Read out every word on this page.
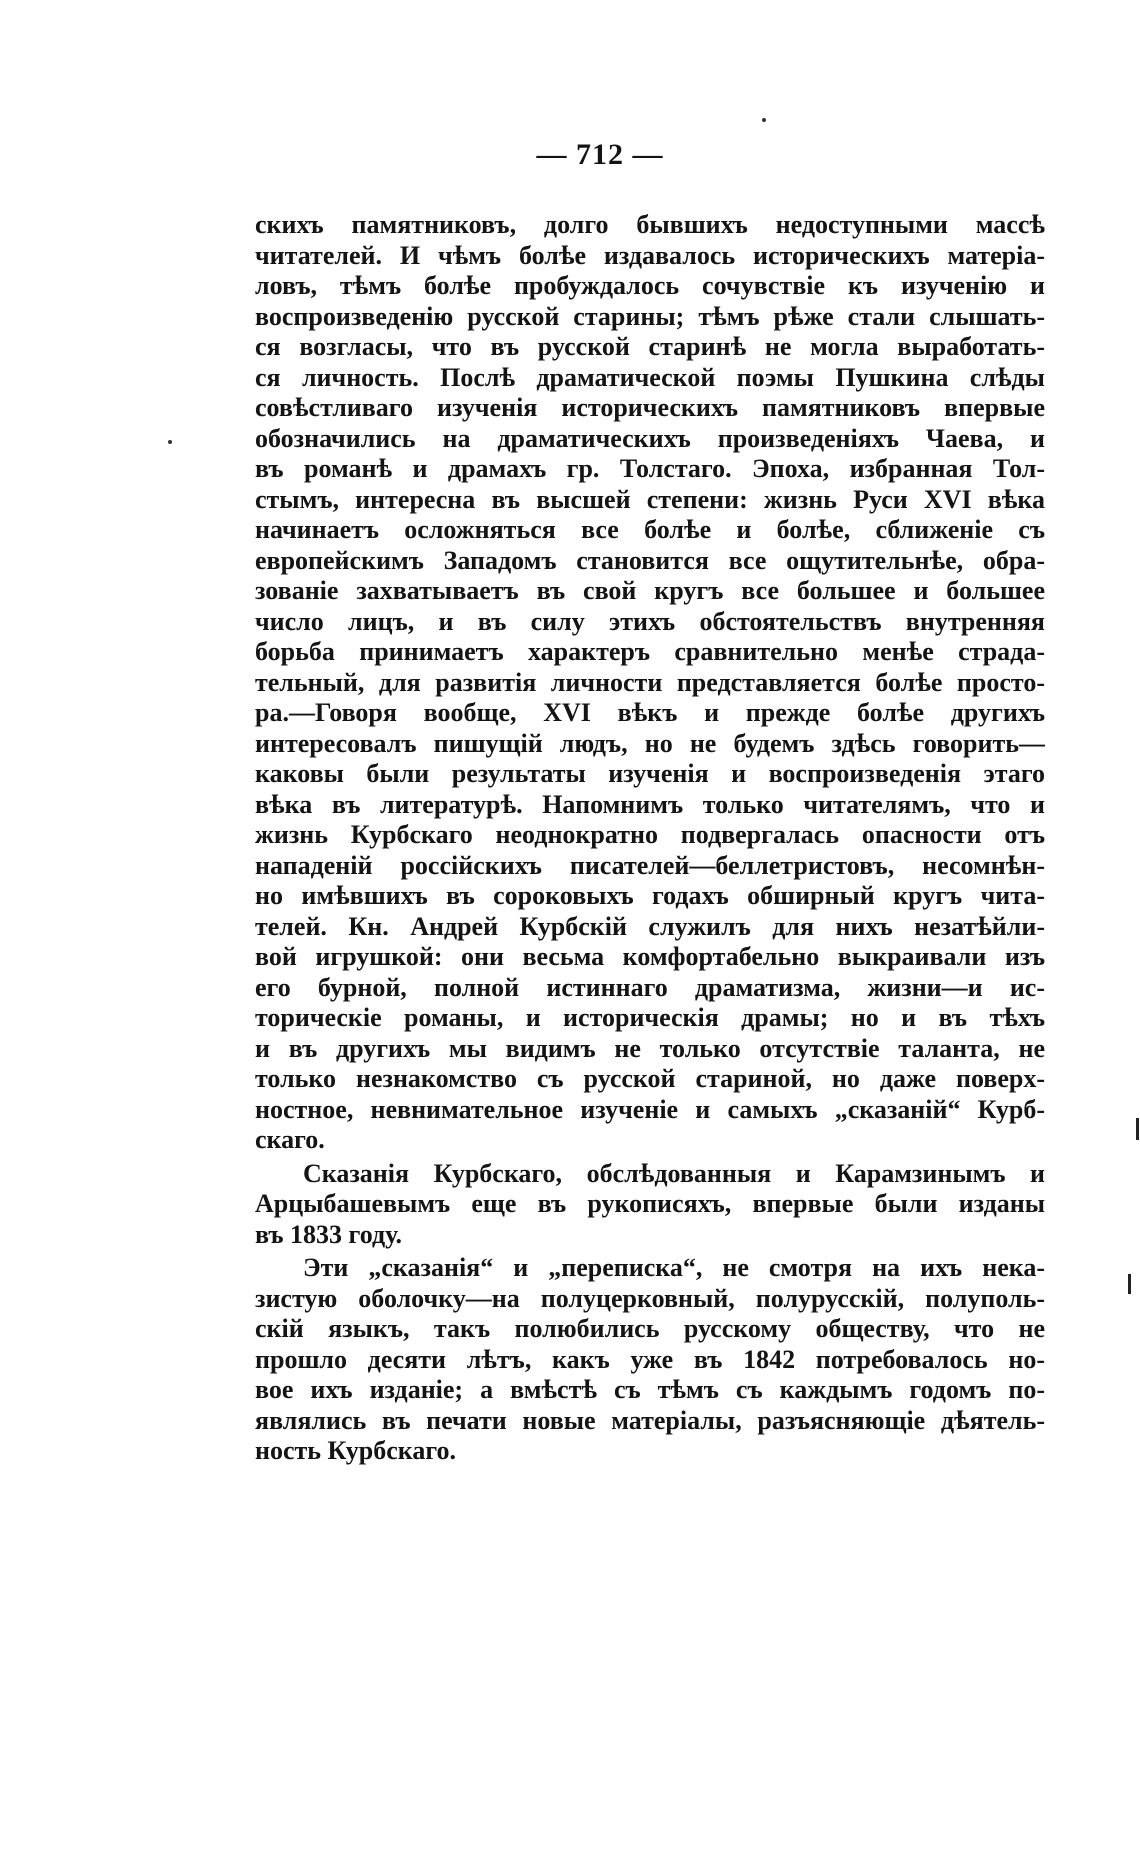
— 712 —
скихъ памятниковъ, долго бывшихъ недоступными массѣ
читателей. И чѣмъ болѣе издавалось историческихъ матеріа-
ловъ, тѣмъ болѣе пробуждалось сочувствіе къ изученію и
воспроизведенію русской старины; тѣмъ рѣже стали слышать-
ся возгласы, что въ русской старинѣ не могла выработать-
ся личность. Послѣ драматической поэмы Пушкина слѣды
совѣстливаго изученія историческихъ памятниковъ впервые
обозначились на драматическихъ произведеніяхъ Чаева, и
въ романѣ и драмахъ гр. Толстаго. Эпоха, избранная Тол-
стымъ, интересна въ высшей степени: жизнь Руси XVI вѣка
начинаетъ осложняться все болѣе и болѣе, сближеніе съ
европейскимъ Западомъ становится все ощутительнѣе, обра-
зованіе захватываетъ въ свой кругъ все большее и большее
число лицъ, и въ силу этихъ обстоятельствъ внутренняя
борьба принимаетъ характеръ сравнительно менѣе страда-
тельный, для развитія личности представляется болѣе просто-
ра.—Говоря вообще, XVI вѣкъ и прежде болѣе другихъ
интересовалъ пишущій людъ, но не будемъ здѣсь говорить—
каковы были результаты изученія и воспроизведенія этаго
вѣка въ литературѣ. Напомнимъ только читателямъ, что и
жизнь Курбскаго неоднократно подвергалась опасности отъ
нападеній россійскихъ писателей—беллетристовъ, несомнѣн-
но имѣвшихъ въ сороковыхъ годахъ обширный кругъ чита-
телей. Кн. Андрей Курбскій служилъ для нихъ незатѣйли-
вой игрушкой: они весьма комфортабельно выкраивали изъ
его бурной, полной истиннаго драматизма, жизни—и ис-
торическіе романы, и историческія драмы; но и въ тѣхъ
и въ другихъ мы видимъ не только отсутствіе таланта, не
только незнакомство съ русской стариной, но даже поверх-
ностное, невнимательное изученіе и самыхъ „сказаній“ Курб-
скаго.
Сказанія Курбскаго, обслѣдованныя и Карамзинымъ и
Арцыбашевымъ еще въ рукописяхъ, впервые были изданы
въ 1833 году.
Эти „сказанія“ и „переписка“, не смотря на ихъ нека-
зистую оболочку—на полуцерковный, полурусскій, полуполь-
скій языкъ, такъ полюбились русскому обществу, что не
прошло десяти лѣтъ, какъ уже въ 1842 потребовалось но-
вое ихъ изданіе; а вмѣстѣ съ тѣмъ съ каждымъ годомъ по-
являлись въ печати новые матеріалы, разъясняющіе дѣятель-
ность Курбскаго.
